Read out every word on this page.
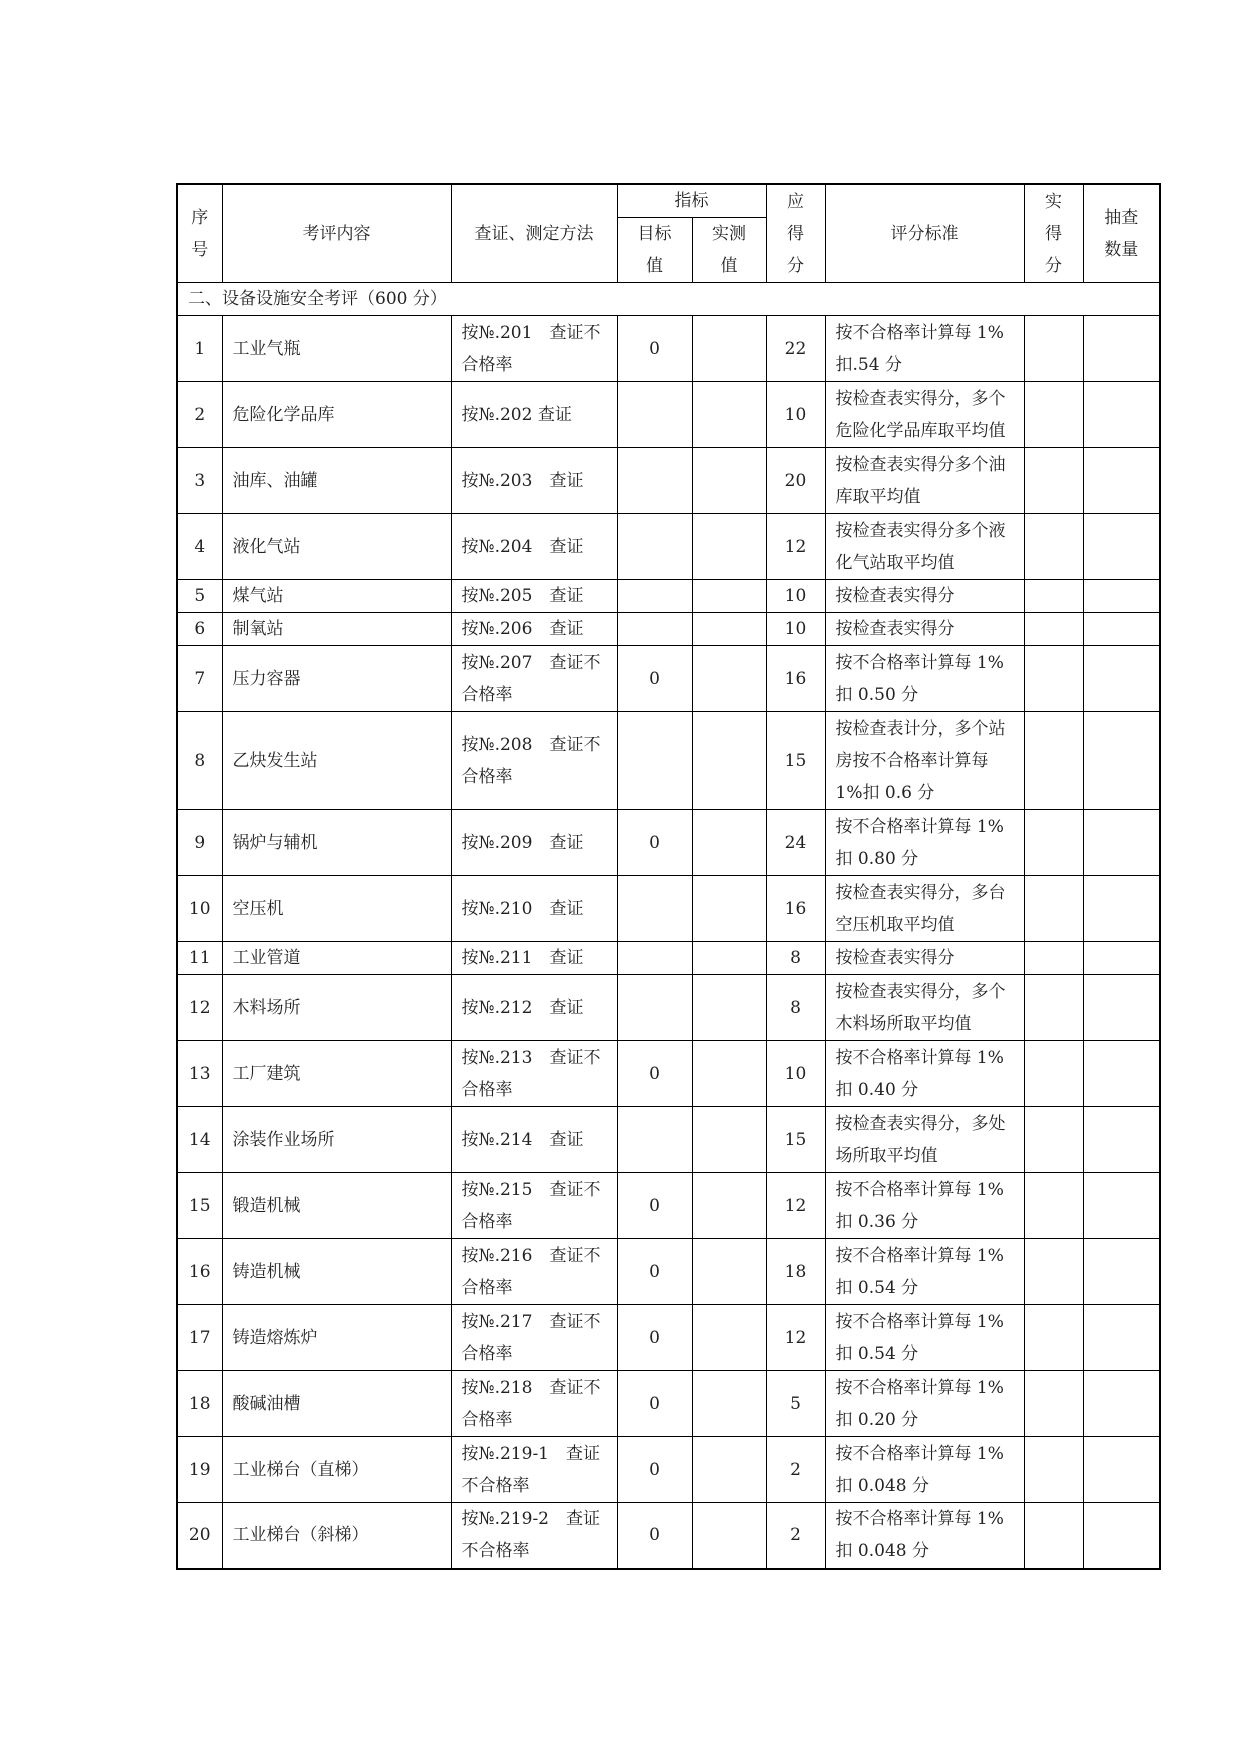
序号	考评内容	查证、测定方法	指标		应得分	评分标准	实得分	抽查数量

			目标值	实测值				

二、设备设施安全考评（600 分）								
1	工业气瓶	按№.201　查证不合格率	0		22	按不合格率计算每 1%扣.54 分		
2	危险化学品库	按№.202 查证			10	按检查表实得分，多个危险化学品库取平均值		
3	油库、油罐	按№.203　查证			20	按检查表实得分多个油库取平均值		
4	液化气站	按№.204　查证			12	按检查表实得分多个液化气站取平均值		
5	煤气站	按№.205　查证			10	按检查表实得分		
6	制氧站	按№.206　查证			10	按检查表实得分		
7	压力容器	按№.207　查证不合格率	0		16	按不合格率计算每 1%扣 0.50 分		
8	乙炔发生站	按№.208　查证不合格率			15	按检查表计分，多个站房按不合格率计算每 1%扣 0.6 分		
9	锅炉与辅机	按№.209　查证	0		24	按不合格率计算每 1%扣 0.80 分		
10	空压机	按№.210　查证			16	按检查表实得分，多台空压机取平均值		
11	工业管道	按№.211　查证			8	按检查表实得分		
12	木料场所	按№.212　查证			8	按检查表实得分，多个木料场所取平均值		
13	工厂建筑	按№.213　查证不合格率	0		10	按不合格率计算每 1%扣 0.40 分		
14	涂装作业场所	按№.214　查证			15	按检查表实得分，多处场所取平均值		
15	锻造机械	按№.215　查证不合格率	0		12	按不合格率计算每 1%扣 0.36 分		
16	铸造机械	按№.216　查证不合格率	0		18	按不合格率计算每 1%扣 0.54 分		
17	铸造熔炼炉	按№.217　查证不合格率	0		12	按不合格率计算每 1%扣 0.54 分		
18	酸碱油槽	按№.218　查证不合格率	0		5	按不合格率计算每 1%扣 0.20 分		
19	工业梯台（直梯）	按№.219-1　查证不合格率	0		2	按不合格率计算每 1%扣 0.048 分		
20	工业梯台（斜梯）	按№.219-2　查证不合格率	0		2	按不合格率计算每 1%扣 0.048 分		
